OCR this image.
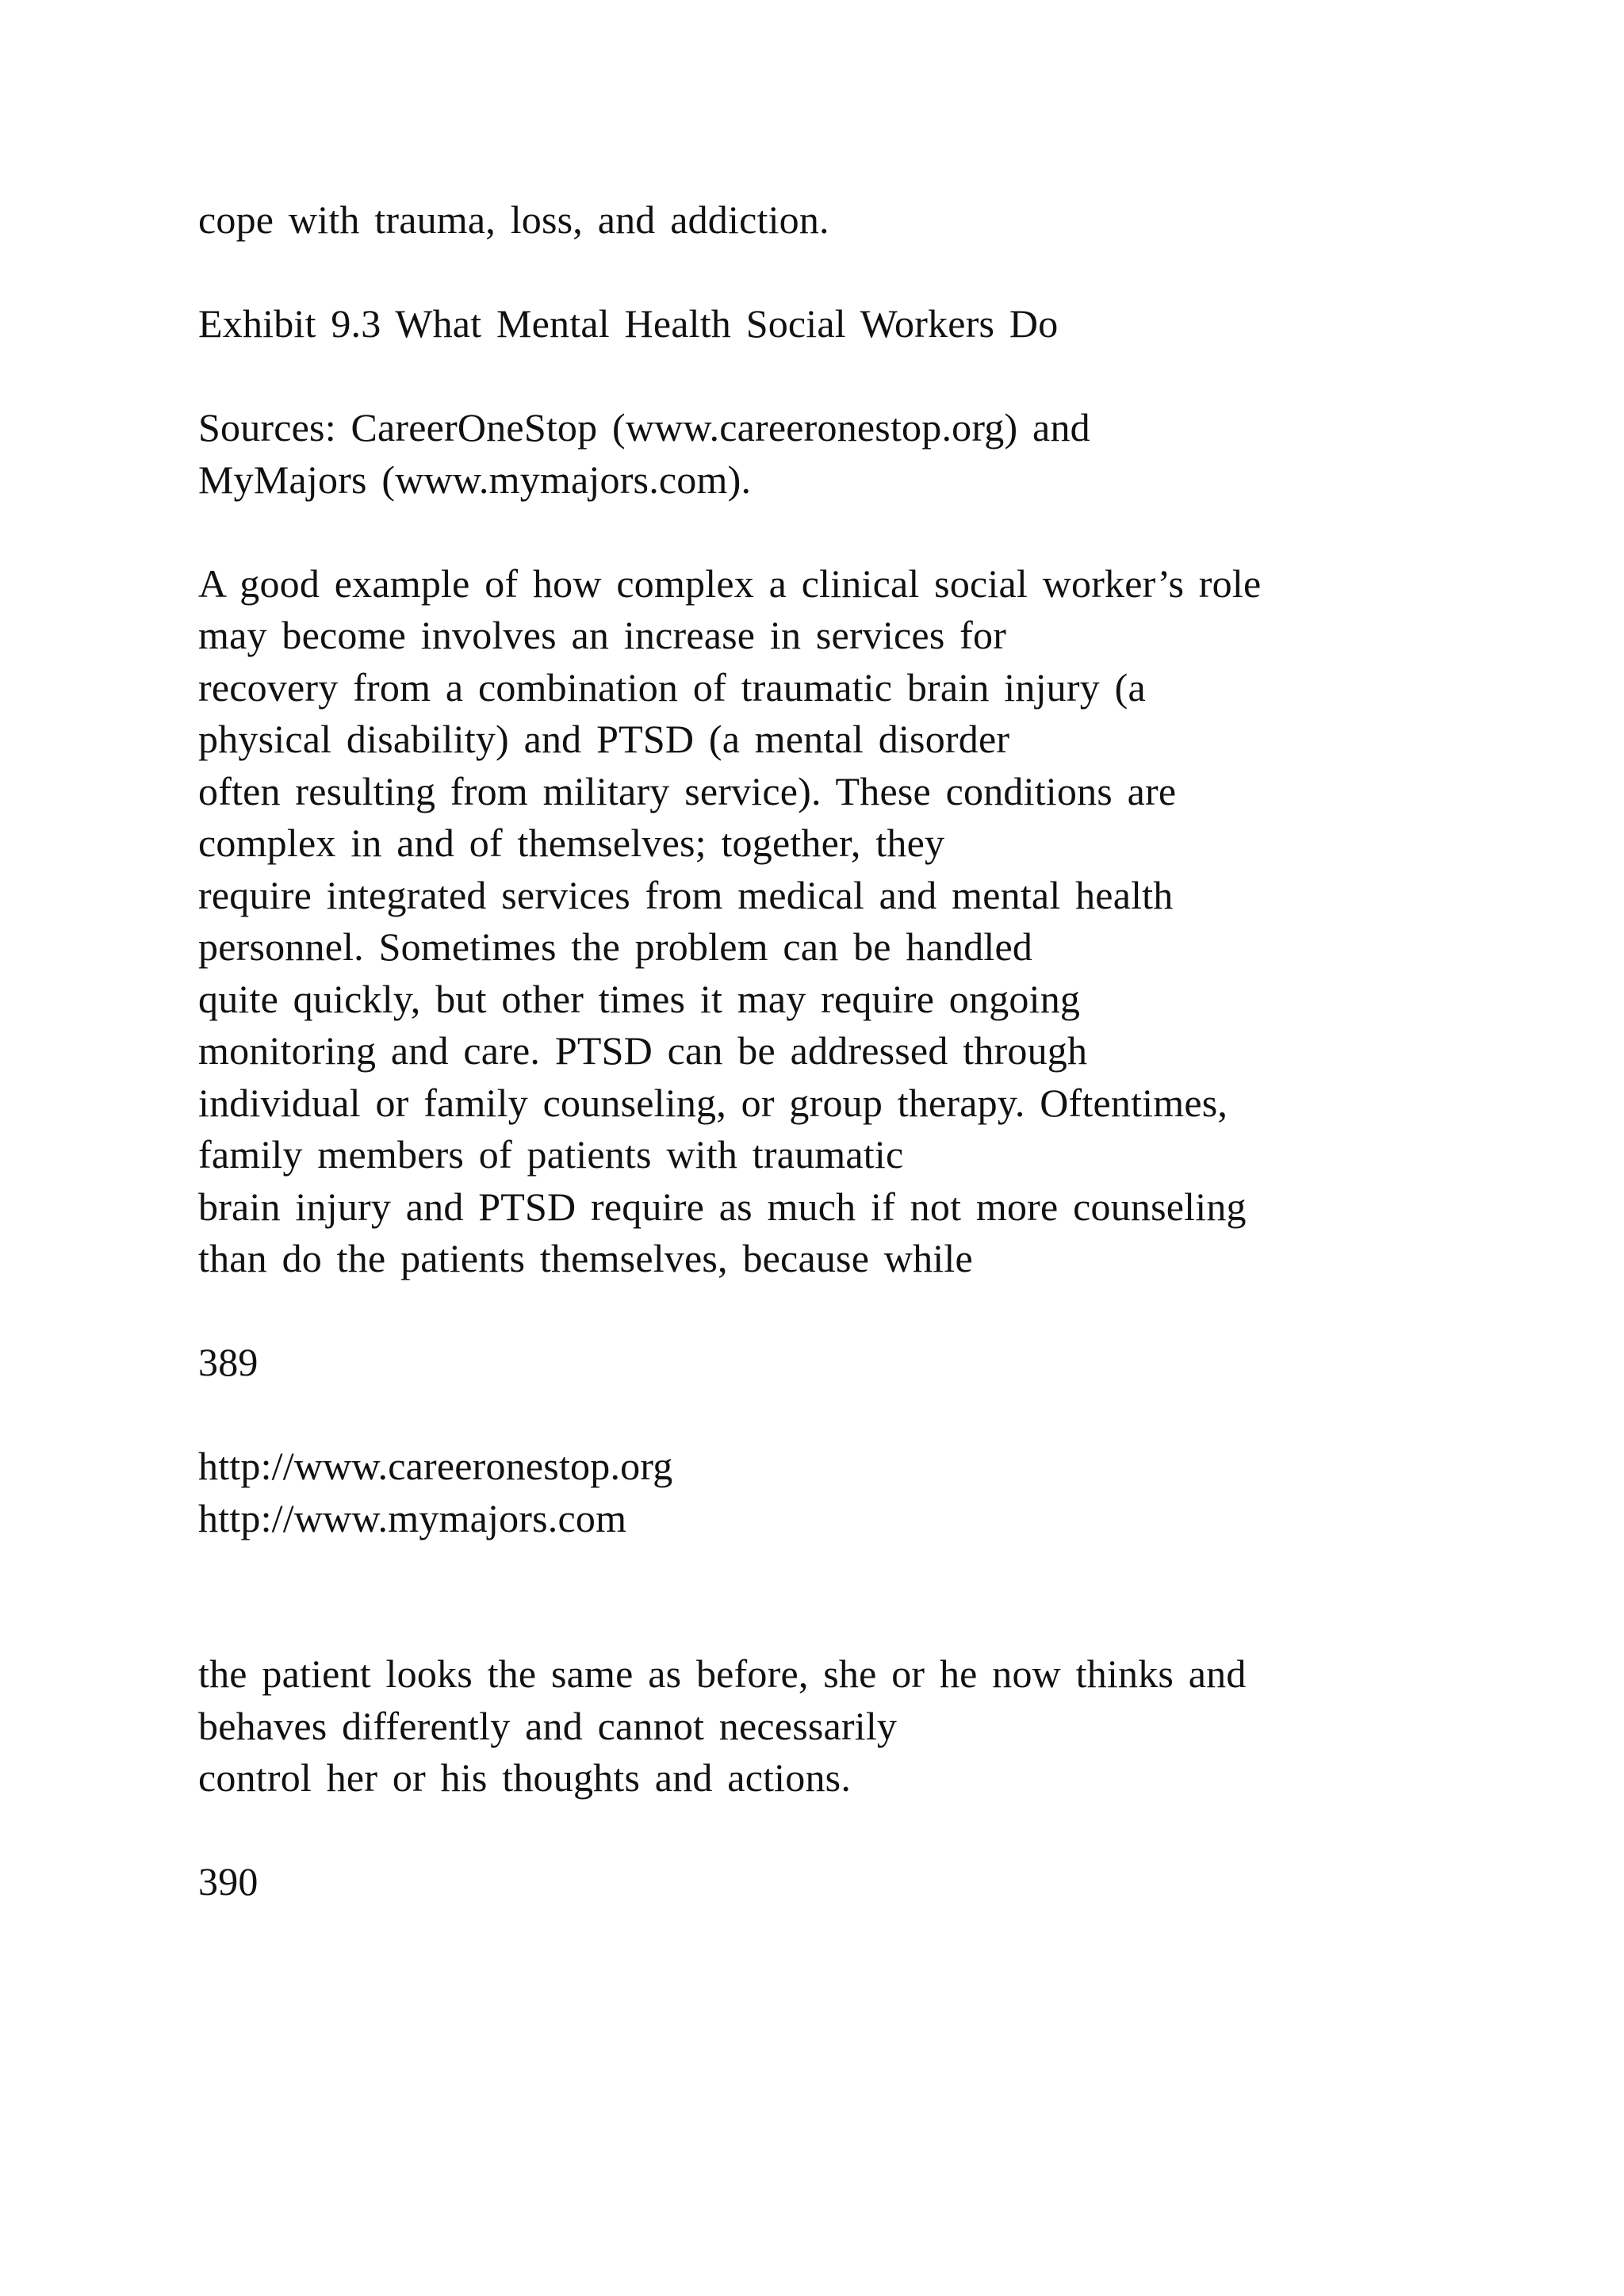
cope with trauma, loss, and addiction.
Exhibit 9.3 What Mental Health Social Workers Do
Sources: CareerOneStop (www.careeronestop.org) and
MyMajors (www.mymajors.com).
A good example of how complex a clinical social worker’s role
may become involves an increase in services for
recovery from a combination of traumatic brain injury (a
physical disability) and PTSD (a mental disorder
often resulting from military service). These conditions are
complex in and of themselves; together, they
require integrated services from medical and mental health
personnel. Sometimes the problem can be handled
quite quickly, but other times it may require ongoing
monitoring and care. PTSD can be addressed through
individual or family counseling, or group therapy. Oftentimes,
family members of patients with traumatic
brain injury and PTSD require as much if not more counseling
than do the patients themselves, because while
389
http://www.careeronestop.org
http://www.mymajors.com
the patient looks the same as before, she or he now thinks and
behaves differently and cannot necessarily
control her or his thoughts and actions.
390
